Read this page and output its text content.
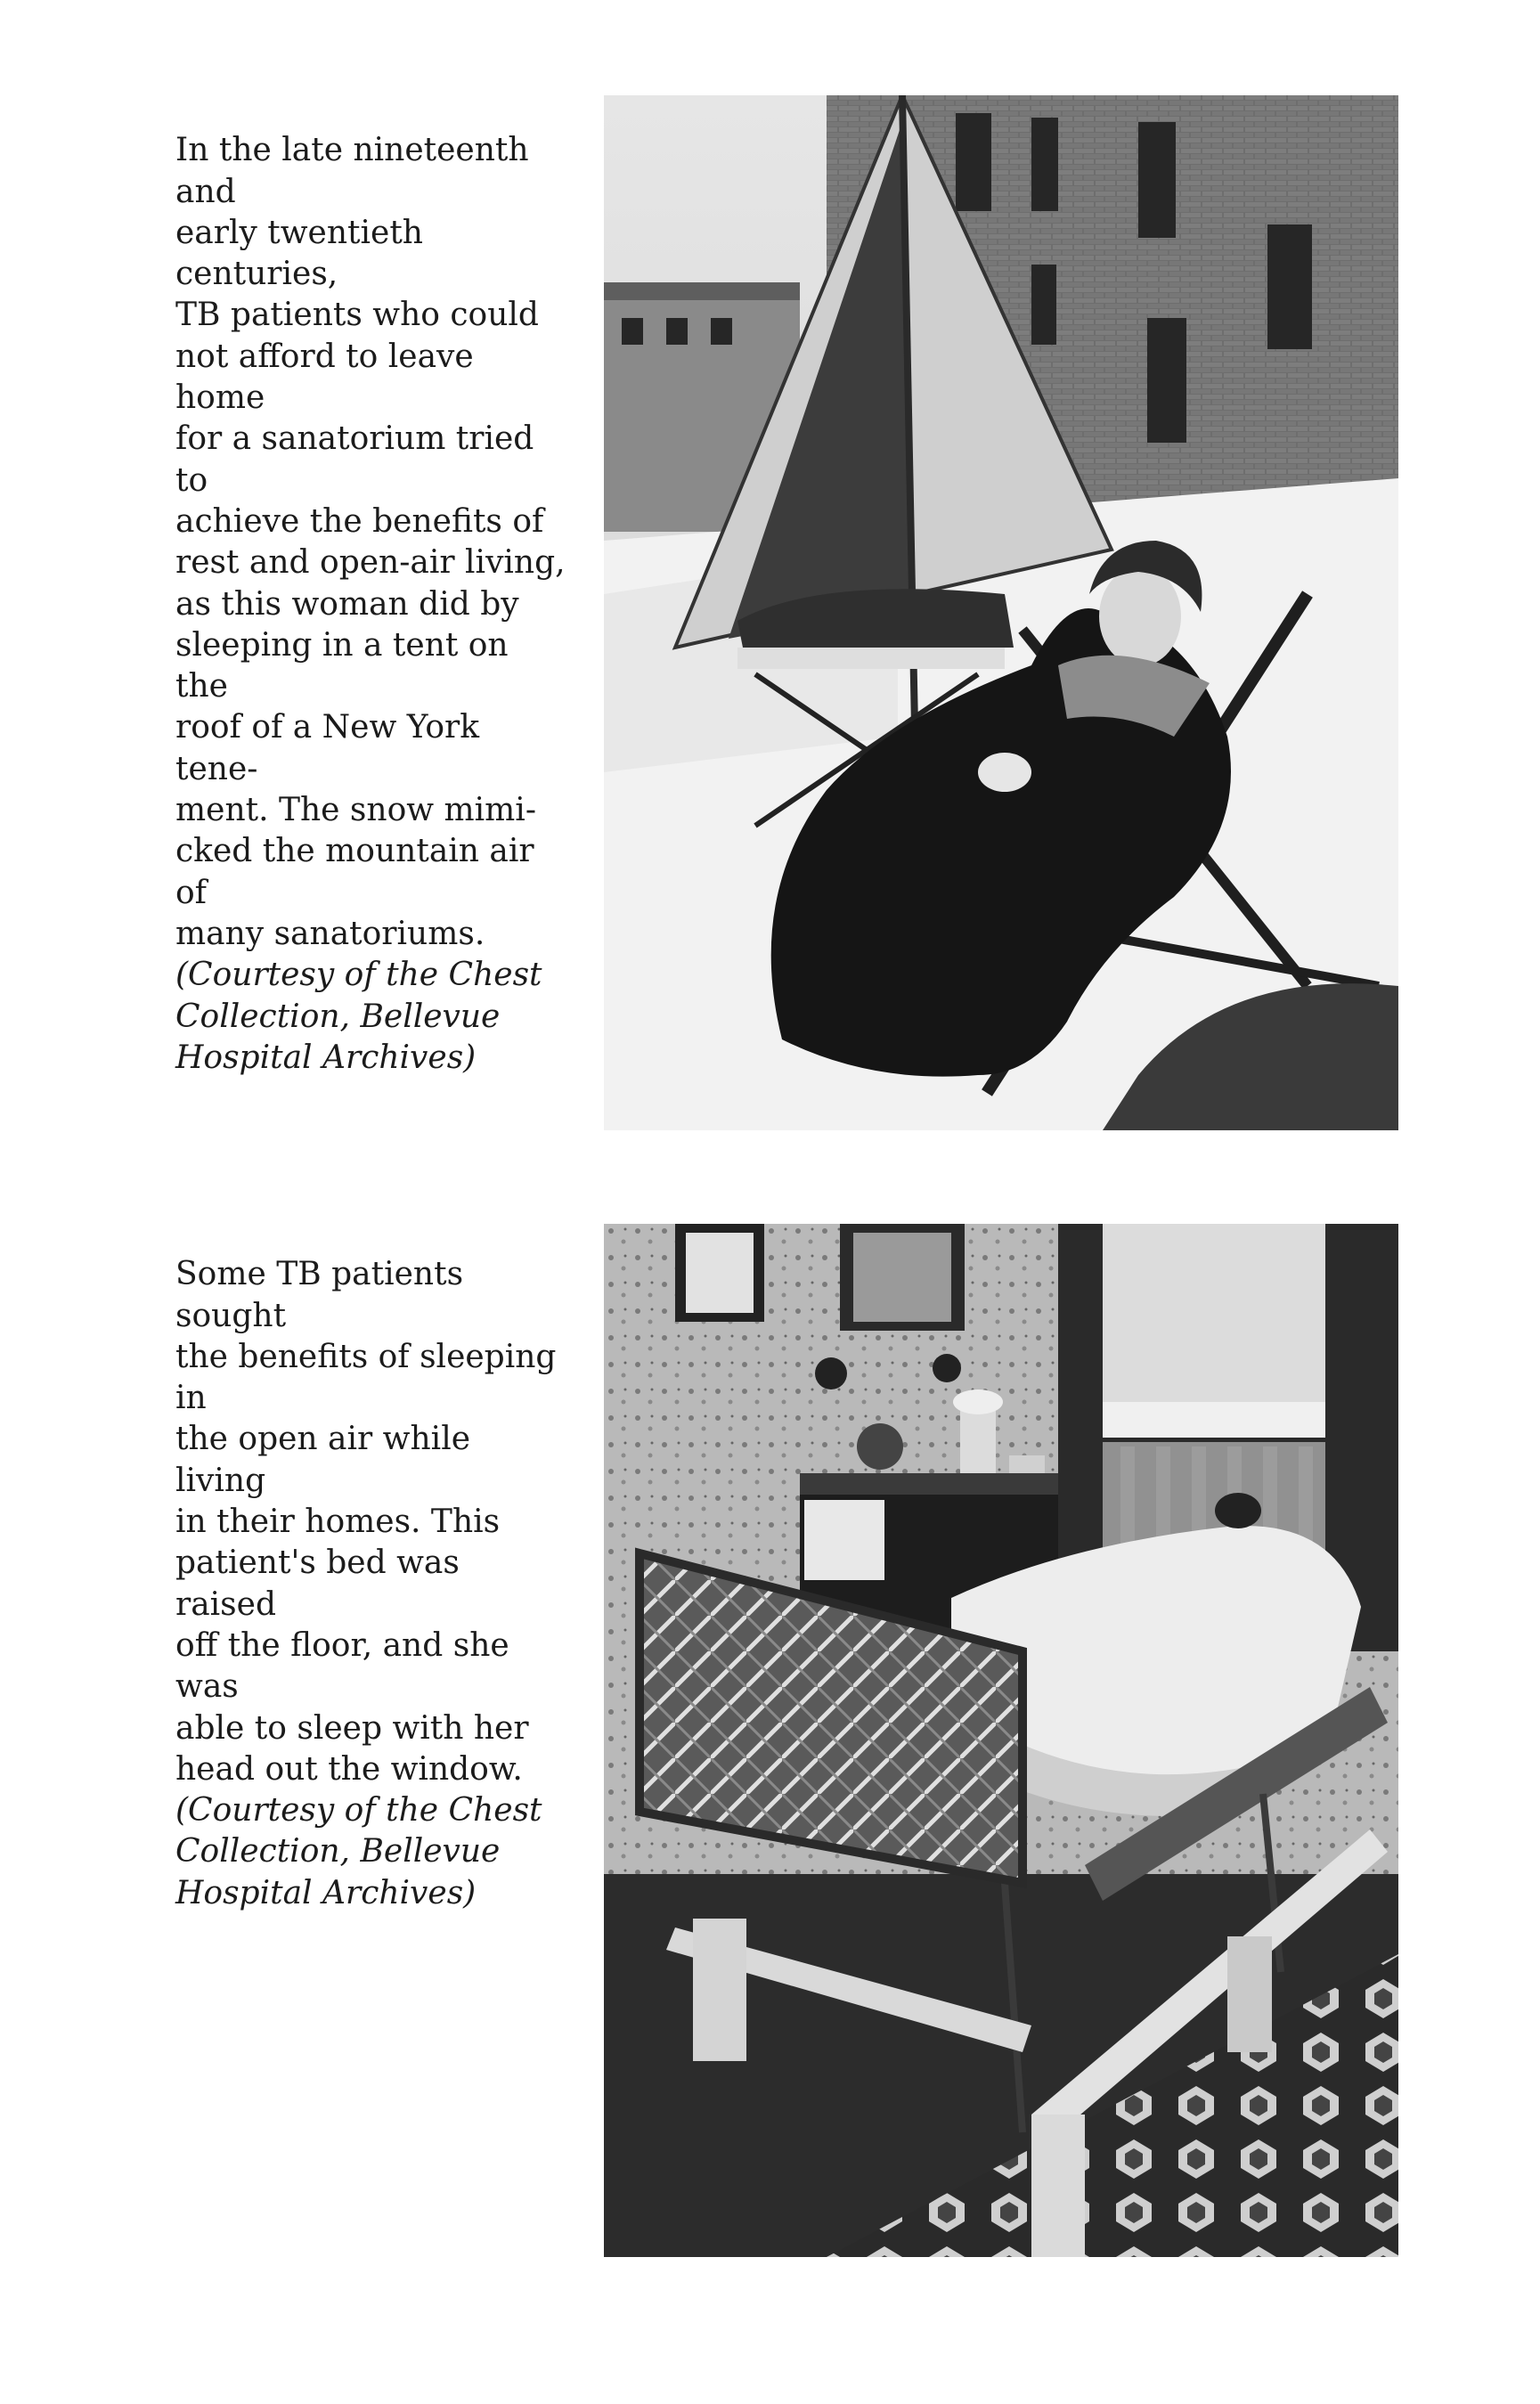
In the late nineteenth and
early twentieth centuries,
TB patients who could
not afford to leave home
for a sanatorium tried to
achieve the benefits of
rest and open-air living,
as this woman did by
sleeping in a tent on the
roof of a New York tene-
ment. The snow mimi-
cked the mountain air of
many sanatoriums.

(Courtesy of the Chest
Collection, Bellevue
Hospital Archives)

Some TB patients sought
the benefits of sleeping in
the open air while living
in their homes. This
patient's bed was raised
off the floor, and she was
able to sleep with her
head out the window.

(Courtesy of the Chest
Collection, Bellevue
Hospital Archives)
